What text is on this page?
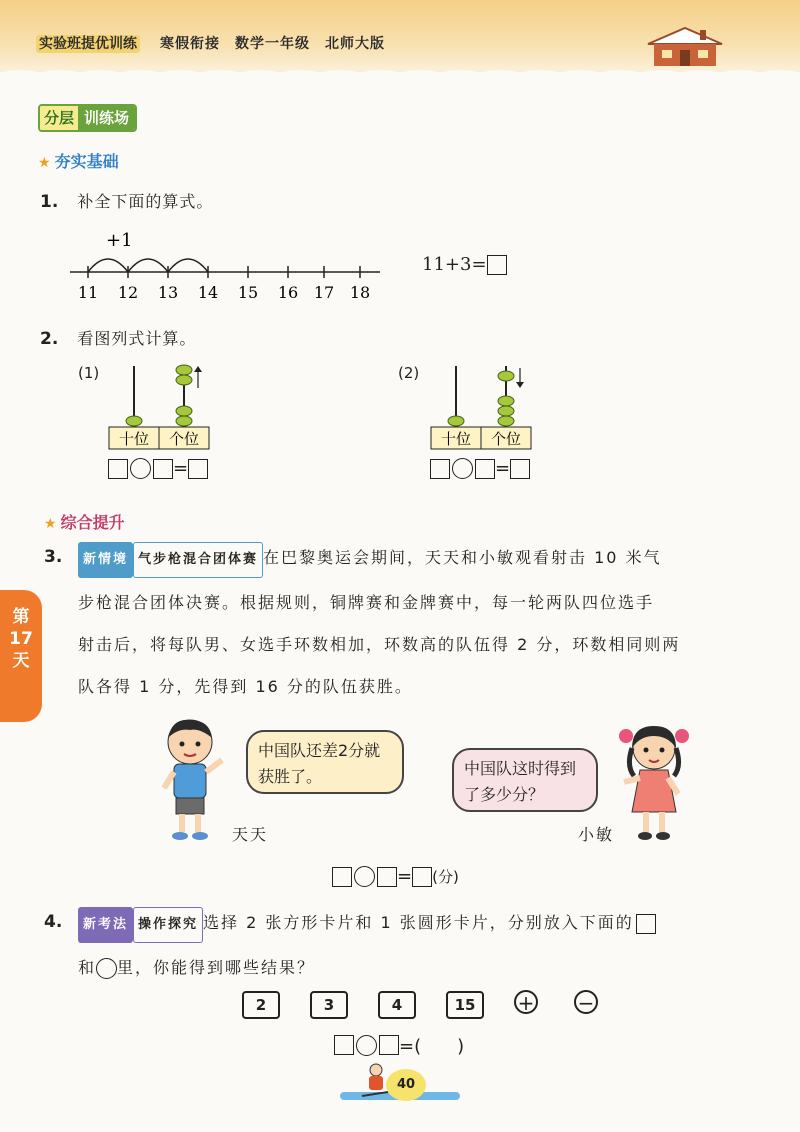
实验班提优训练 寒假衔接　数学一年级　北师大版
分层 训练场
★ 夯实基础
1. 补全下面的算式。
+1
11 12 13 14 15 16 17 18
11+3=
2. 看图列式计算。
(1)
十位 个位
=
(2)
十位 个位
=
★ 综合提升
3.	新情境 气步枪混合团体赛 在巴黎奥运会期间，天天和小敏观看射击 10 米气
步枪混合团体决赛。根据规则，铜牌赛和金牌赛中，每一轮两队四位选手
射击后，将每队男、女选手环数相加，环数高的队伍得 2 分，环数相同则两
队各得 1 分，先得到 16 分的队伍获胜。
第
17
天
中国队还差2分就获胜了。
天天
中国队这时得到了多少分？
小敏
= (分)
4.	新考法 操作探究 选择 2 张方形卡片和 1 张圆形卡片，分别放入下面的
和 里，你能得到哪些结果？
2	3	4	15 + −
=(　　)
40
